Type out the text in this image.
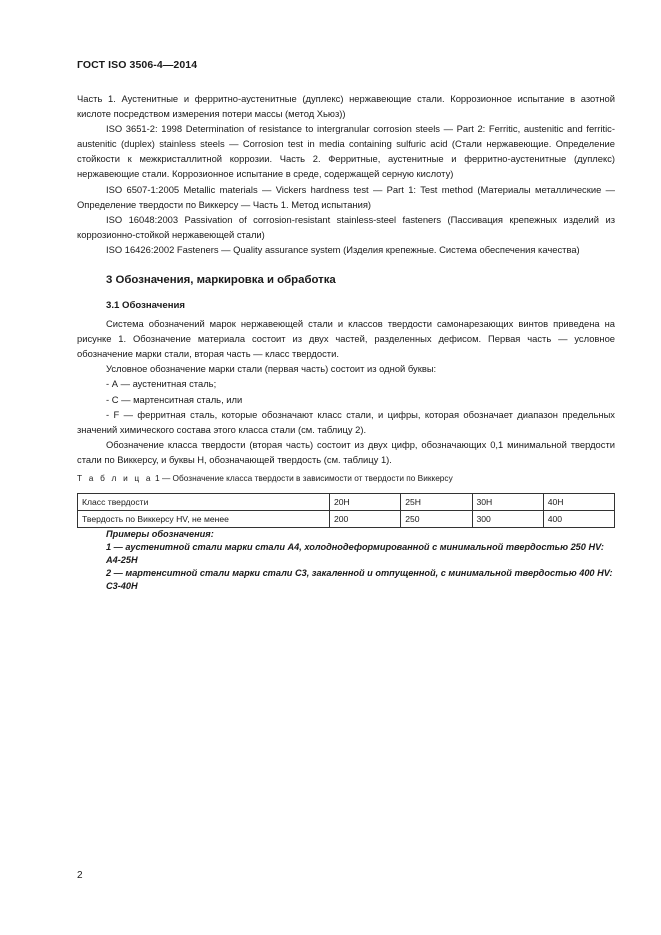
ГОСТ ISO 3506-4—2014

Часть 1. Аустенитные и ферритно-аустенитные (дуплекс) нержавеющие стали. Коррозионное испытание в азотной кислоте посредством измерения потери массы (метод Хьюз))

ISO 3651-2: 1998 Determination of resistance to intergranular corrosion steels — Part 2: Ferritic, austenitic and ferritic-austenitic (duplex) stainless steels — Corrosion test in media containing sulfuric acid (Стали нержавеющие. Определение стойкости к межкристаллитной коррозии. Часть 2. Ферритные, аустенитные и ферритно-аустенитные (дуплекс) нержавеющие стали. Коррозионное испытание в среде, содержащей серную кислоту)

ISO 6507-1:2005 Metallic materials — Vickers hardness test — Part 1: Test method (Материалы металлические — Определение твердости по Виккерсу — Часть 1. Метод испытания)

ISO 16048:2003 Passivation of corrosion-resistant stainless-steel fasteners (Пассивация крепежных изделий из коррозионно-стойкой нержавеющей стали)

ISO 16426:2002 Fasteners — Quality assurance system (Изделия крепежные. Система обеспечения качества)

3 Обозначения, маркировка и обработка
3.1 Обозначения

Система обозначений марок нержавеющей стали и классов твердости самонарезающих винтов приведена на рисунке 1. Обозначение материала состоит из двух частей, разделенных дефисом. Первая часть — условное обозначение марки стали, вторая часть — класс твердости.

Условное обозначение марки стали (первая часть) состоит из одной буквы:

- А — аустенитная сталь;

- С — мартенситная сталь, или

- F — ферритная сталь, которые обозначают класс стали, и цифры, которая обозначает диапазон предельных значений химического состава этого класса стали (см. таблицу 2).

Обозначение класса твердости (вторая часть) состоит из двух цифр, обозначающих 0,1 минимальной твердости стали по Виккерсу, и буквы Н, обозначающей твердость (см. таблицу 1).

Т а б л и ц а 1 — Обозначение класса твердости в зависимости от твердости по Виккерсу
Класс твердости	20H	25H	30H	40H
Твердость по Виккерсу HV, не менее	200	250	300	400

Примеры обозначения:

1 — аустенитной стали марки стали А4, холоднодеформированной с минимальной твердостью 250 HV:

A4-25H

2 — мартенситной стали марки стали С3, закаленной и отпущенной, с минимальной твердостью 400 HV:

C3-40H

2
